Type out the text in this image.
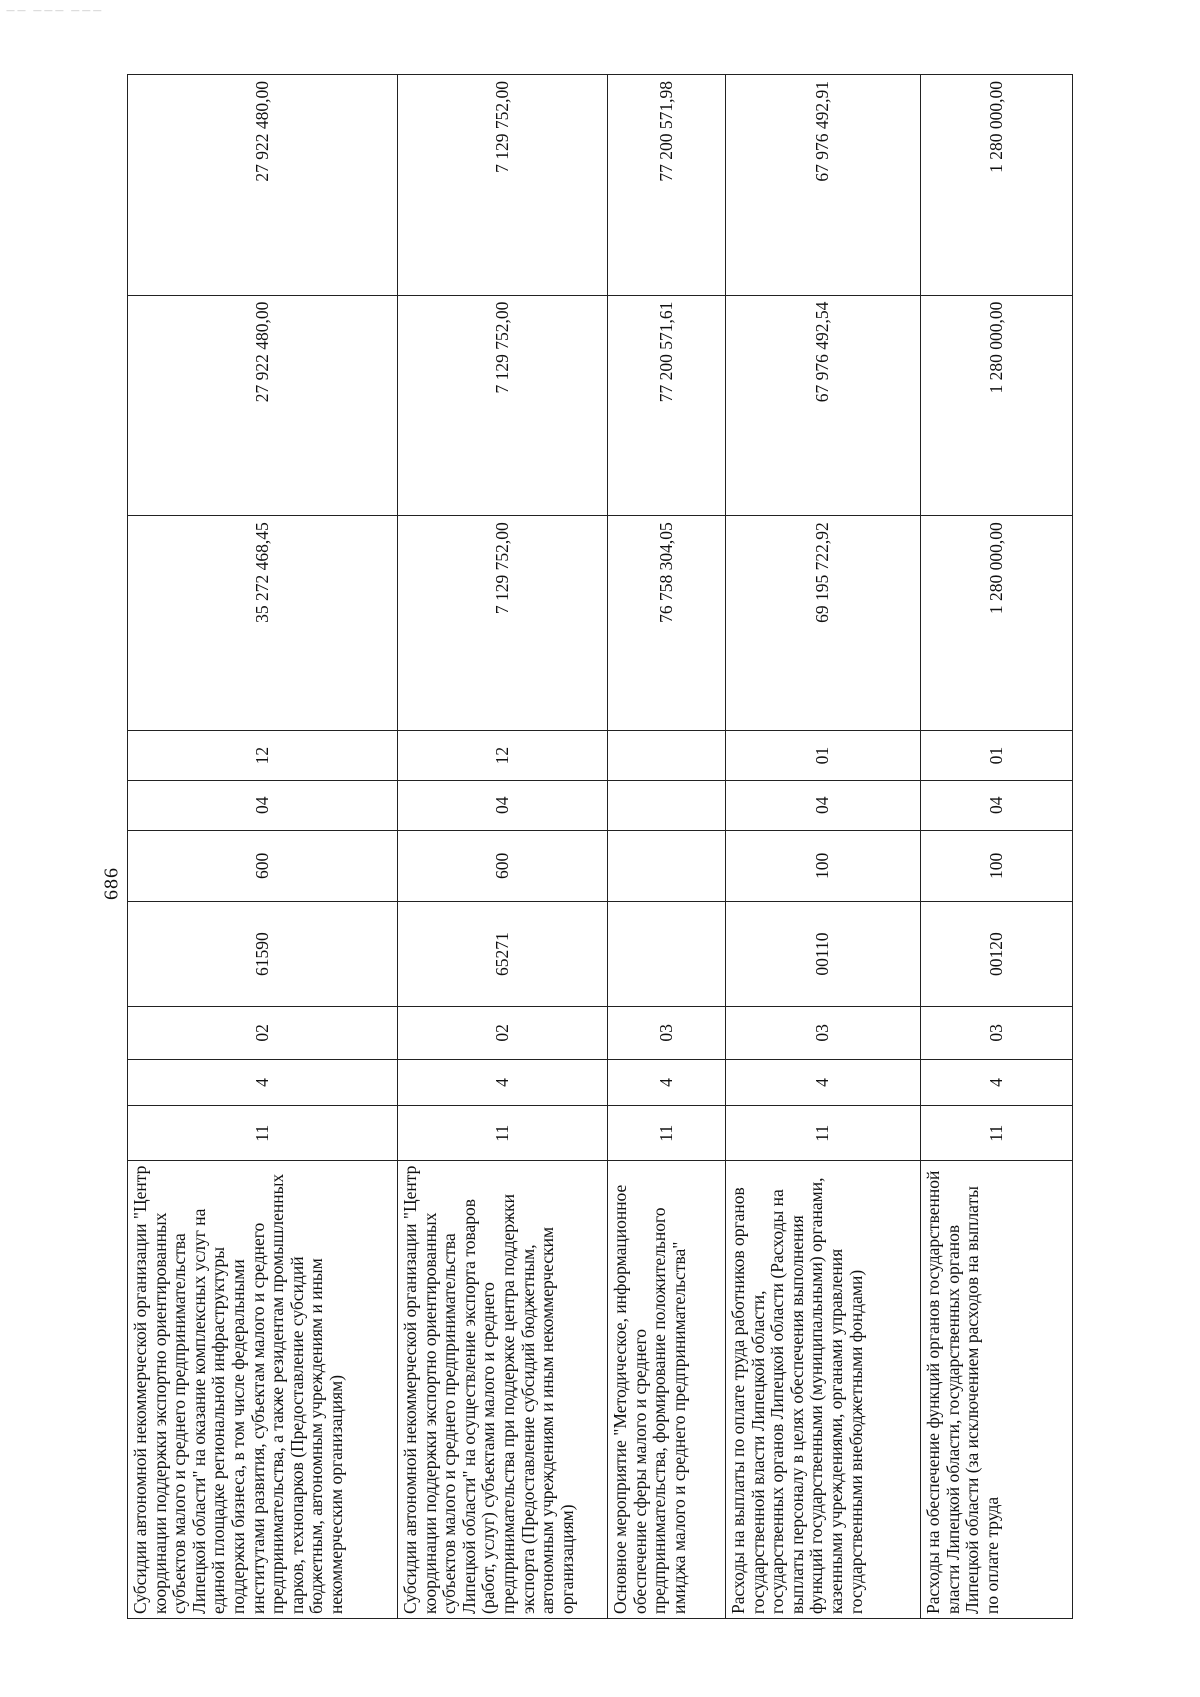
—— ——— ———
686
Субсидии автономной некоммерческой организации "Центр координации поддержки экспортно ориентированных субъектов малого и среднего предпринимательства Липецкой области" на оказание комплексных услуг на единой площадке региональной инфраструктуры поддержки бизнеса, в том числе федеральными институтами развития, субъектам малого и среднего предпринимательства, а также резидентам промышленных парков, технопарков (Предоставление субсидий бюджетным, автономным учреждениям и иным некоммерческим организациям)	11	4	02	61590	600	04	12	35 272 468,45	27 922 480,00	27 922 480,00
Субсидии автономной некоммерческой организации "Центр координации поддержки экспортно ориентированных субъектов малого и среднего предпринимательства Липецкой области" на осуществление экспорта товаров (работ, услуг) субъектами малого и среднего предпринимательства при поддержке центра поддержки экспорта (Предоставление субсидий бюджетным, автономным учреждениям и иным некоммерческим организациям)	11	4	02	65271	600	04	12	7 129 752,00	7 129 752,00	7 129 752,00
Основное мероприятие "Методическое, информационное обеспечение сферы малого и среднего предпринимательства, формирование положительного имиджа малого и среднего предпринимательства"	11	4	03					76 758 304,05	77 200 571,61	77 200 571,98
Расходы на выплаты по оплате труда работников органов государственной власти Липецкой области, государственных органов Липецкой области (Расходы на выплаты персоналу в целях обеспечения выполнения функций государственными (муниципальными) органами, казенными учреждениями, органами управления государственными внебюджетными фондами)	11	4	03	00110	100	04	01	69 195 722,92	67 976 492,54	67 976 492,91
Расходы на обеспечение функций органов государственной власти Липецкой области, государственных органов Липецкой области (за исключением расходов на выплаты по оплате труда	11	4	03	00120	100	04	01	1 280 000,00	1 280 000,00	1 280 000,00
